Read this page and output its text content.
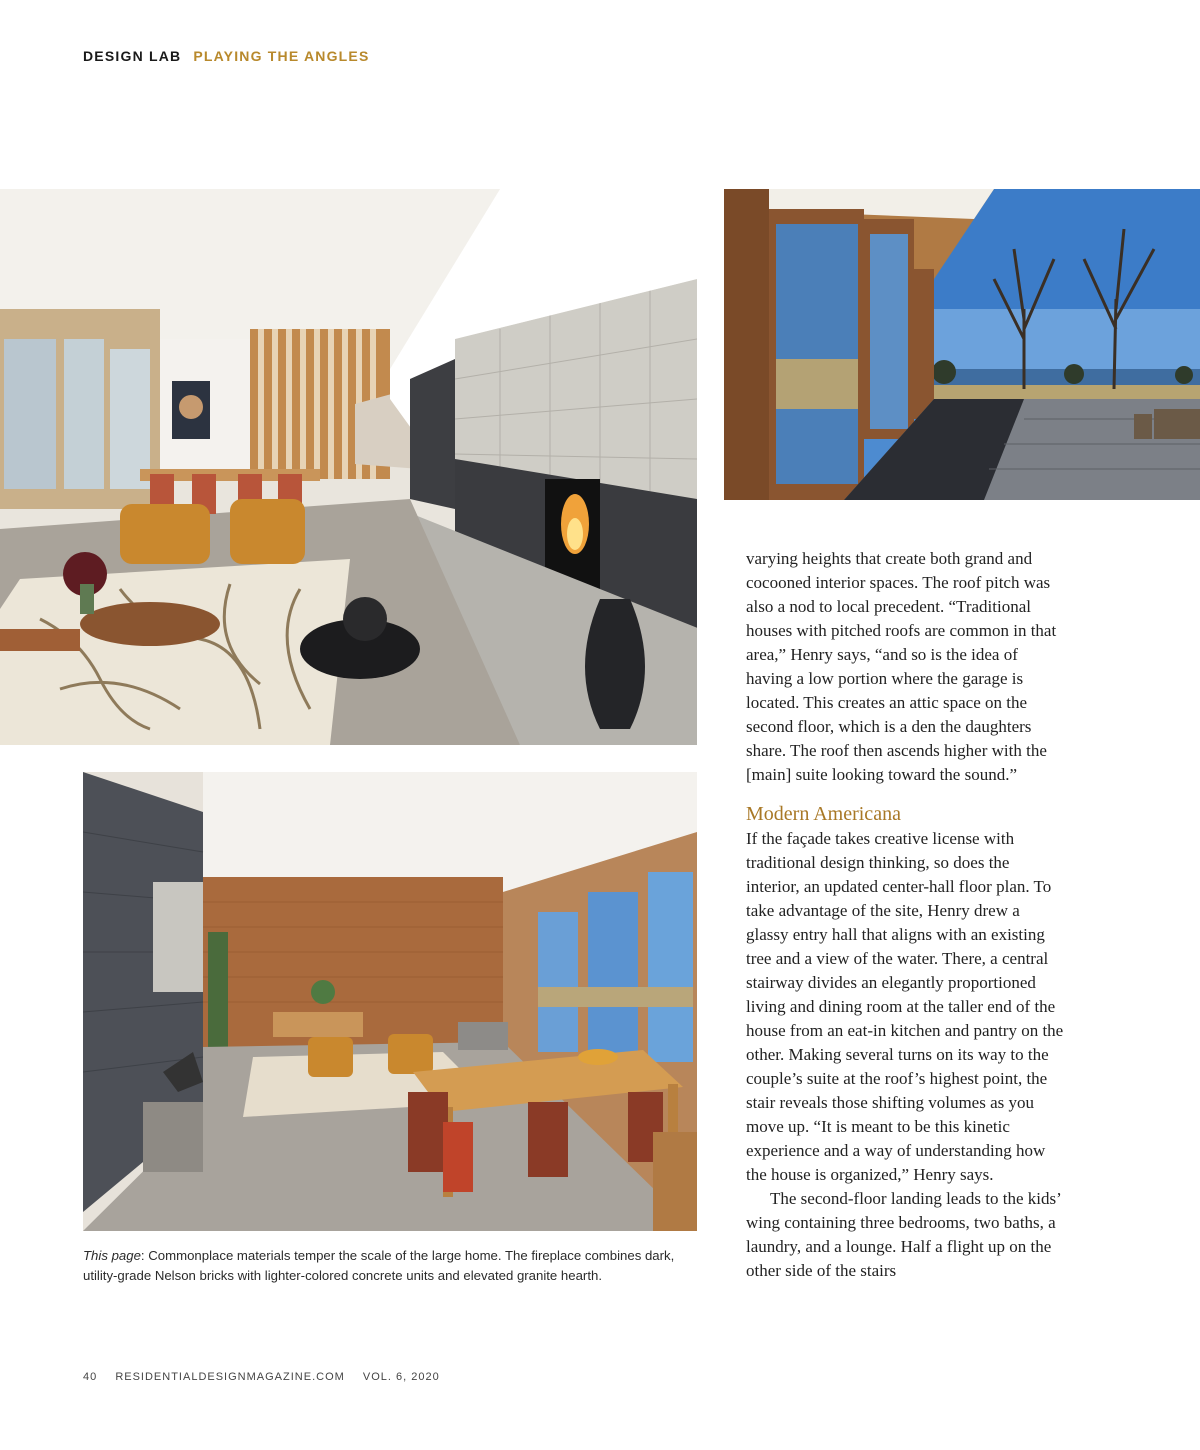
DESIGN LAB PLAYING THE ANGLES
This page: Commonplace materials temper the scale of the large home. The fireplace combines dark, utility-grade Nelson bricks with lighter-colored concrete units and elevated granite hearth.

varying heights that create both grand and cocooned interior spaces. The roof pitch was also a nod to local precedent. “Traditional houses with pitched roofs are common in that area,” Henry says, “and so is the idea of having a low portion where the garage is located. This creates an attic space on the second floor, which is a den the daughters share. The roof then ascends higher with the [main] suite looking toward the sound.”

Modern Americana

If the façade takes creative license with traditional design thinking, so does the interior, an updated center-hall floor plan. To take advantage of the site, Henry drew a glassy entry hall that aligns with an existing tree and a view of the water. There, a central stairway divides an elegantly proportioned living and dining room at the taller end of the house from an eat-in kitchen and pantry on the other. Making several turns on its way to the couple’s suite at the roof’s highest point, the stair reveals those shifting volumes as you move up. “It is meant to be this kinetic experience and a way of understanding how the house is organized,” Henry says.

The second-floor landing leads to the kids’ wing containing three bedrooms, two baths, a laundry, and a lounge. Half a flight up on the other side of the stairs

40 RESIDENTIALDESIGNMAGAZINE.COM VOL. 6, 2020
